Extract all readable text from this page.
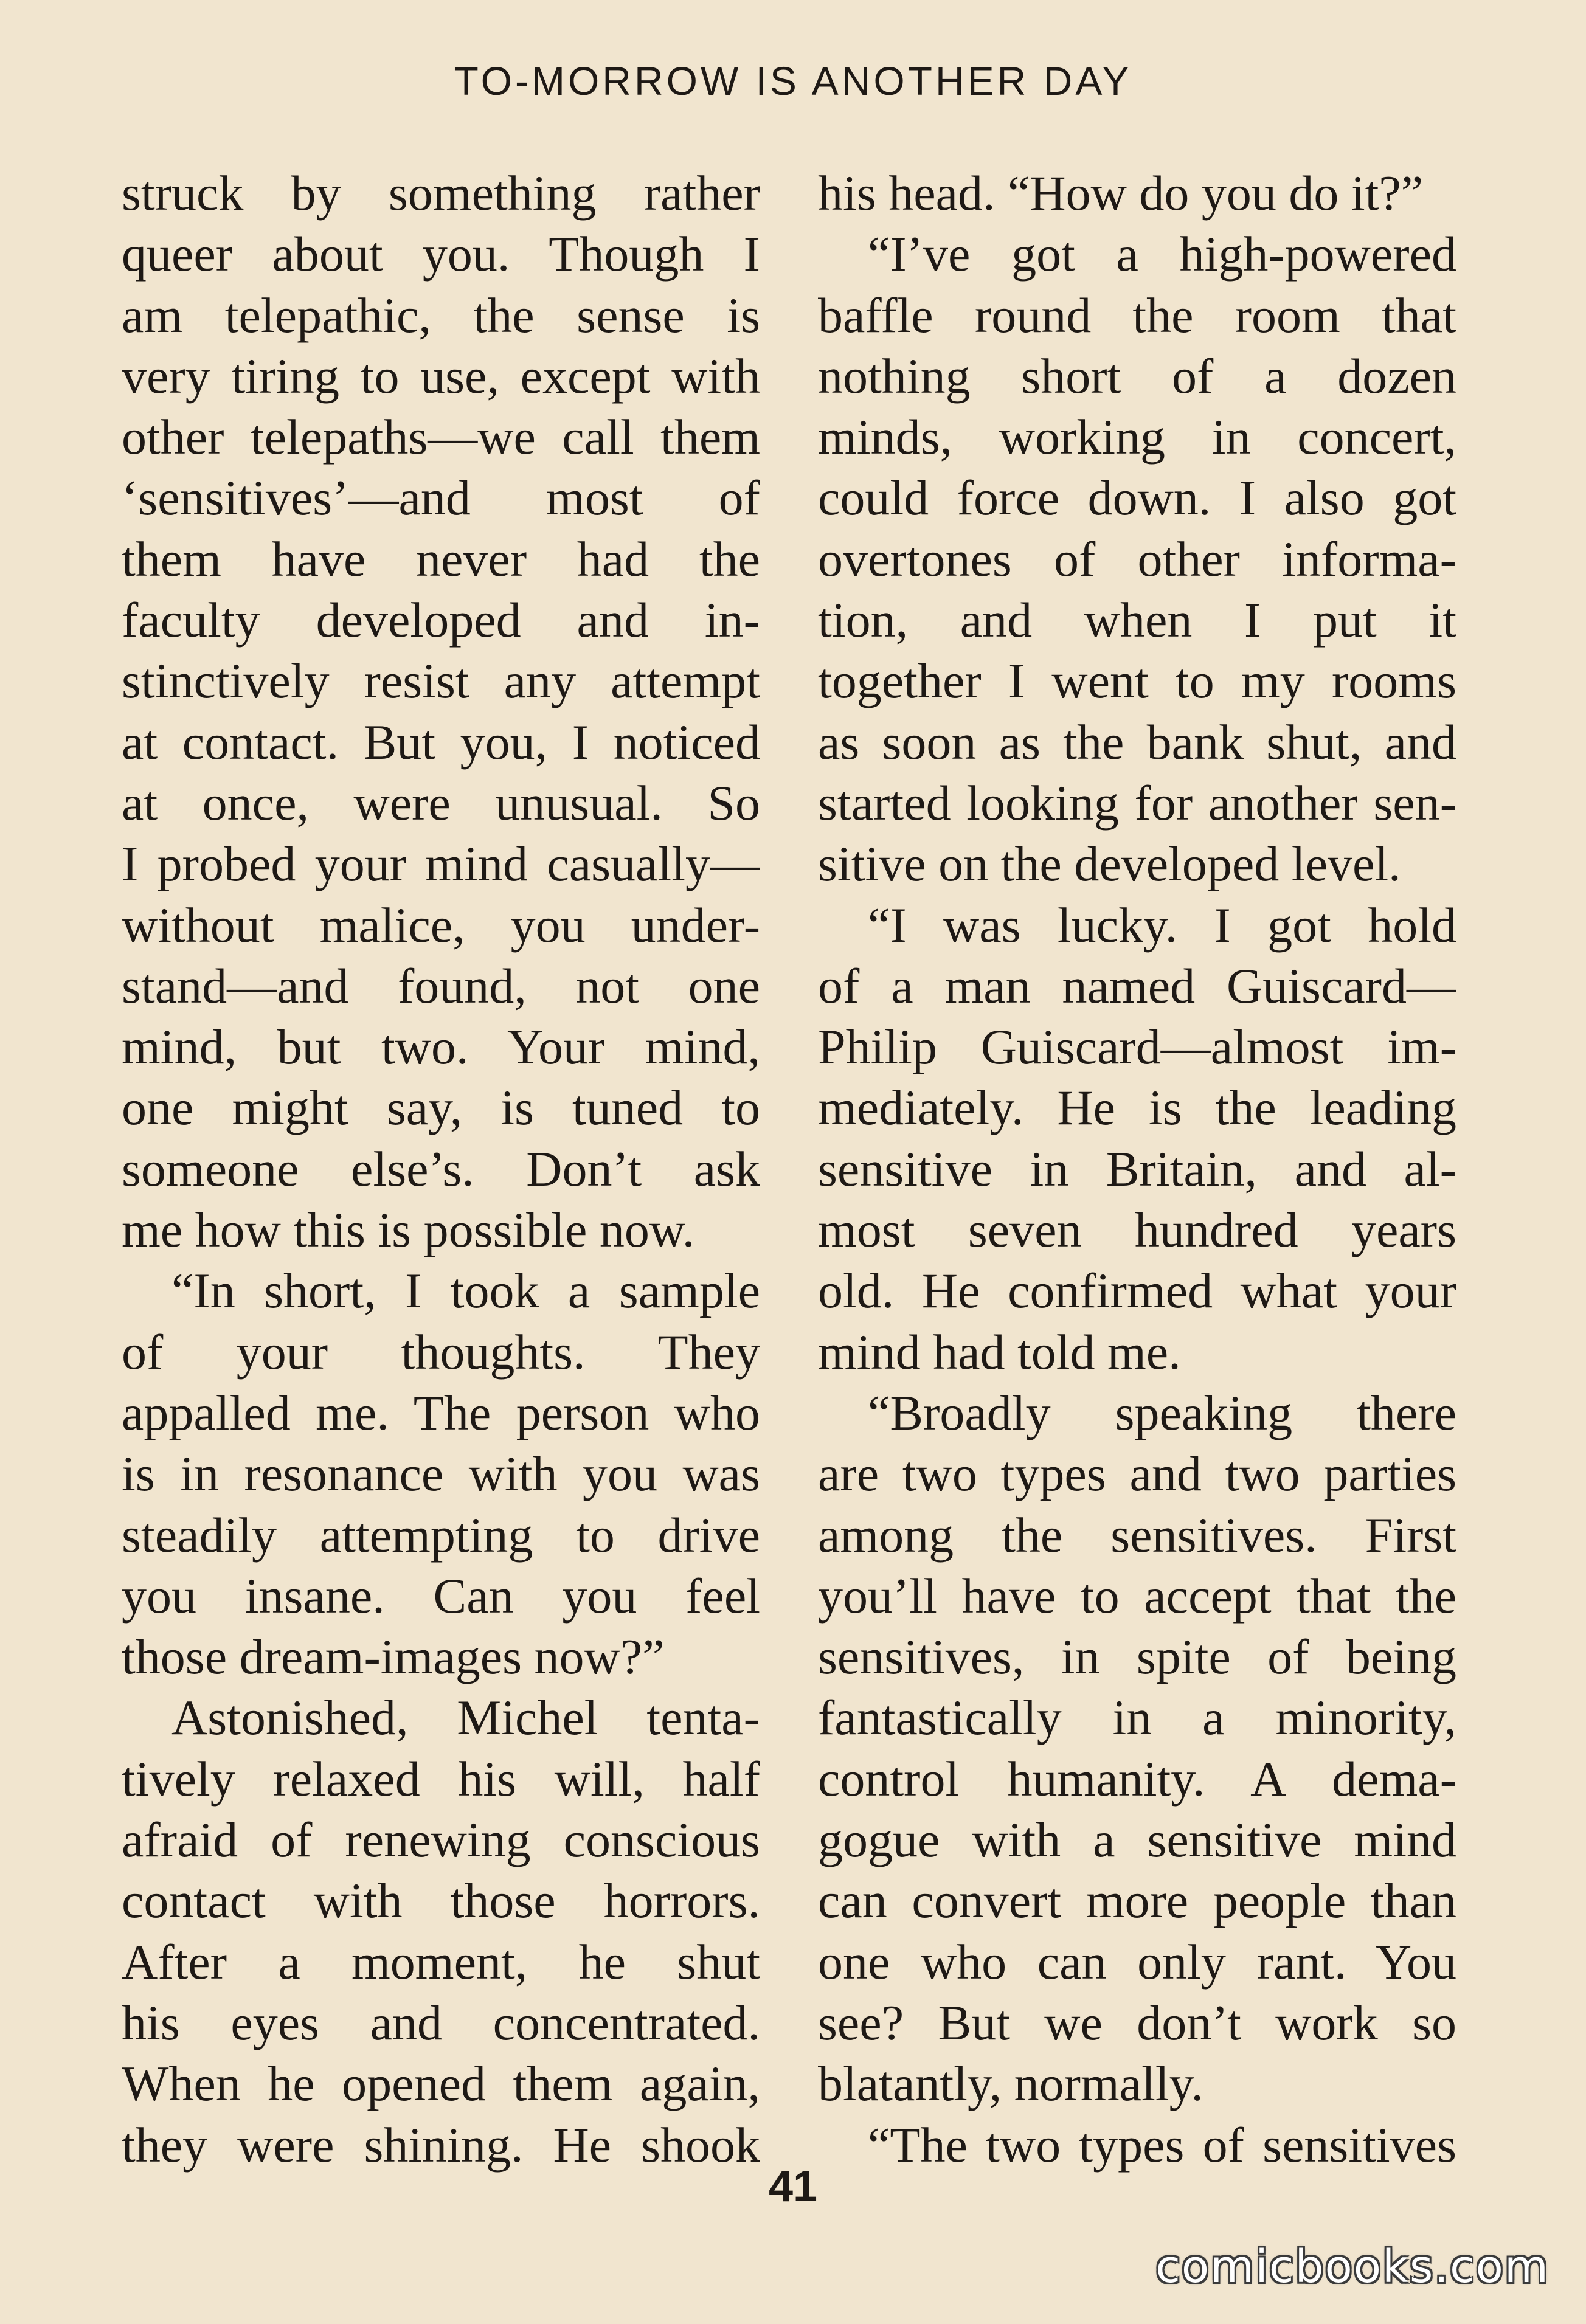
TO-MORROW IS ANOTHER DAY
struck by something rather
queer about you. Though I
am telepathic, the sense is
very tiring to use, except with
other telepaths—we call them
‘sensitives’—and most of
them have never had the
faculty developed and in-
stinctively resist any attempt
at contact. But you, I noticed
at once, were unusual. So
I probed your mind casually—
without malice, you under-
stand—and found, not one
mind, but two. Your mind,
one might say, is tuned to
someone else’s. Don’t ask
me how this is possible now.
“In short, I took a sample
of your thoughts. They
appalled me. The person who
is in resonance with you was
steadily attempting to drive
you insane. Can you feel
those dream-images now?”
Astonished, Michel tenta-
tively relaxed his will, half
afraid of renewing conscious
contact with those horrors.
After a moment, he shut
his eyes and concentrated.
When he opened them again,
they were shining. He shook
his head. “How do you do it?”
“I’ve got a high-powered
baffle round the room that
nothing short of a dozen
minds, working in concert,
could force down. I also got
overtones of other informa-
tion, and when I put it
together I went to my rooms
as soon as the bank shut, and
started looking for another sen-
sitive on the developed level.
“I was lucky. I got hold
of a man named Guiscard—
Philip Guiscard—almost im-
mediately. He is the leading
sensitive in Britain, and al-
most seven hundred years
old. He confirmed what your
mind had told me.
“Broadly speaking there
are two types and two parties
among the sensitives. First
you’ll have to accept that the
sensitives, in spite of being
fantastically in a minority,
control humanity. A dema-
gogue with a sensitive mind
can convert more people than
one who can only rant. You
see? But we don’t work so
blatantly, normally.
“The two types of sensitives
41
comicbooks.com
